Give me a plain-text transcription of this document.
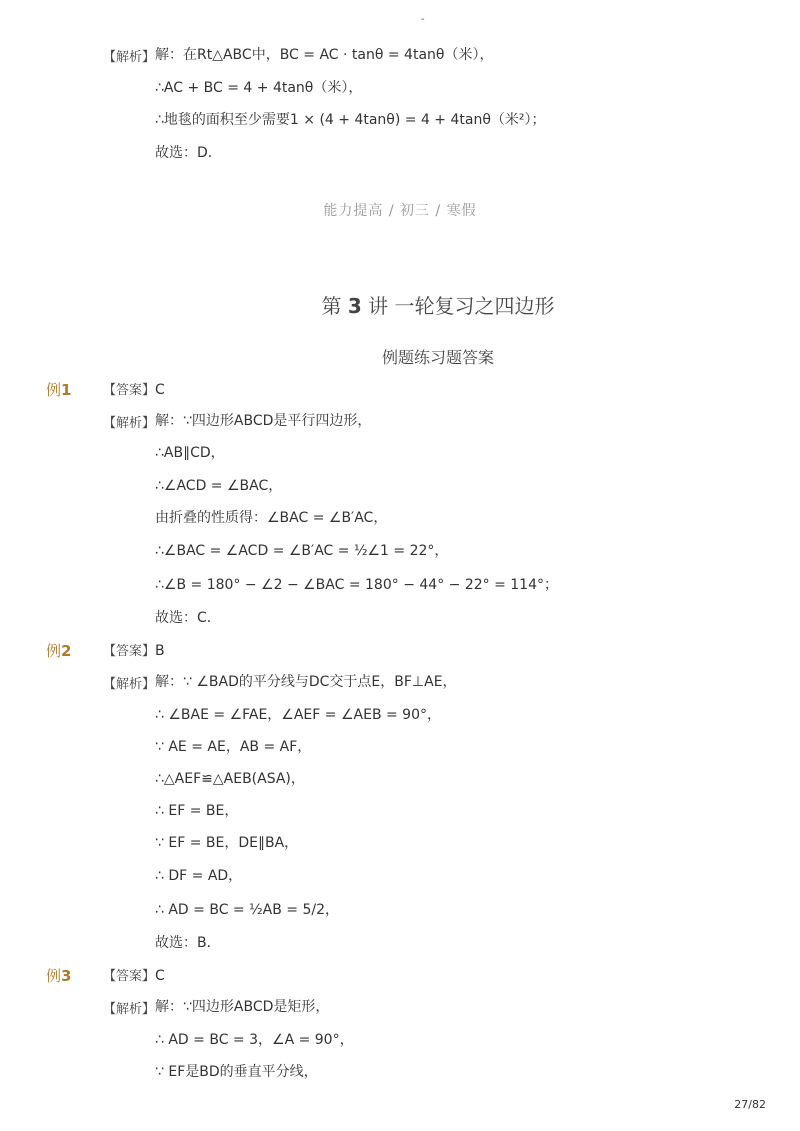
-
【解析】 解：在Rt△ABC中，BC = AC · tanθ = 4tanθ（米），
∴AC + BC = 4 + 4tanθ（米），
∴地毯的面积至少需要1 × (4 + 4tanθ) = 4 + 4tanθ（米²）；
故选：D．
能力提高 / 初三 / 寒假
第 3 讲 一轮复习之四边形
例题练习题答案
例1 【答案】C
【解析】 解：∵四边形ABCD是平行四边形，
∴AB∥CD，
∴∠ACD = ∠BAC，
由折叠的性质得：∠BAC = ∠B′AC，
∴∠BAC = ∠ACD = ∠B′AC = ½∠1 = 22°，
∴∠B = 180° − ∠2 − ∠BAC = 180° − 44° − 22° = 114°；
故选：C．
例2 【答案】B
【解析】 解：∵ ∠BAD的平分线与DC交于点E，BF⊥AE，
∴ ∠BAE = ∠FAE，∠AEF = ∠AEB = 90°，
∵ AE = AE，AB = AF，
∴△AEF≌△AEB(ASA)，
∴ EF = BE，
∵ EF = BE，DE∥BA，
∴ DF = AD，
∴ AD = BC = ½AB = 5/2，
故选：B．
例3 【答案】C
【解析】 解：∵四边形ABCD是矩形，
∴ AD = BC = 3，∠A = 90°，
∵ EF是BD的垂直平分线，
27/82
